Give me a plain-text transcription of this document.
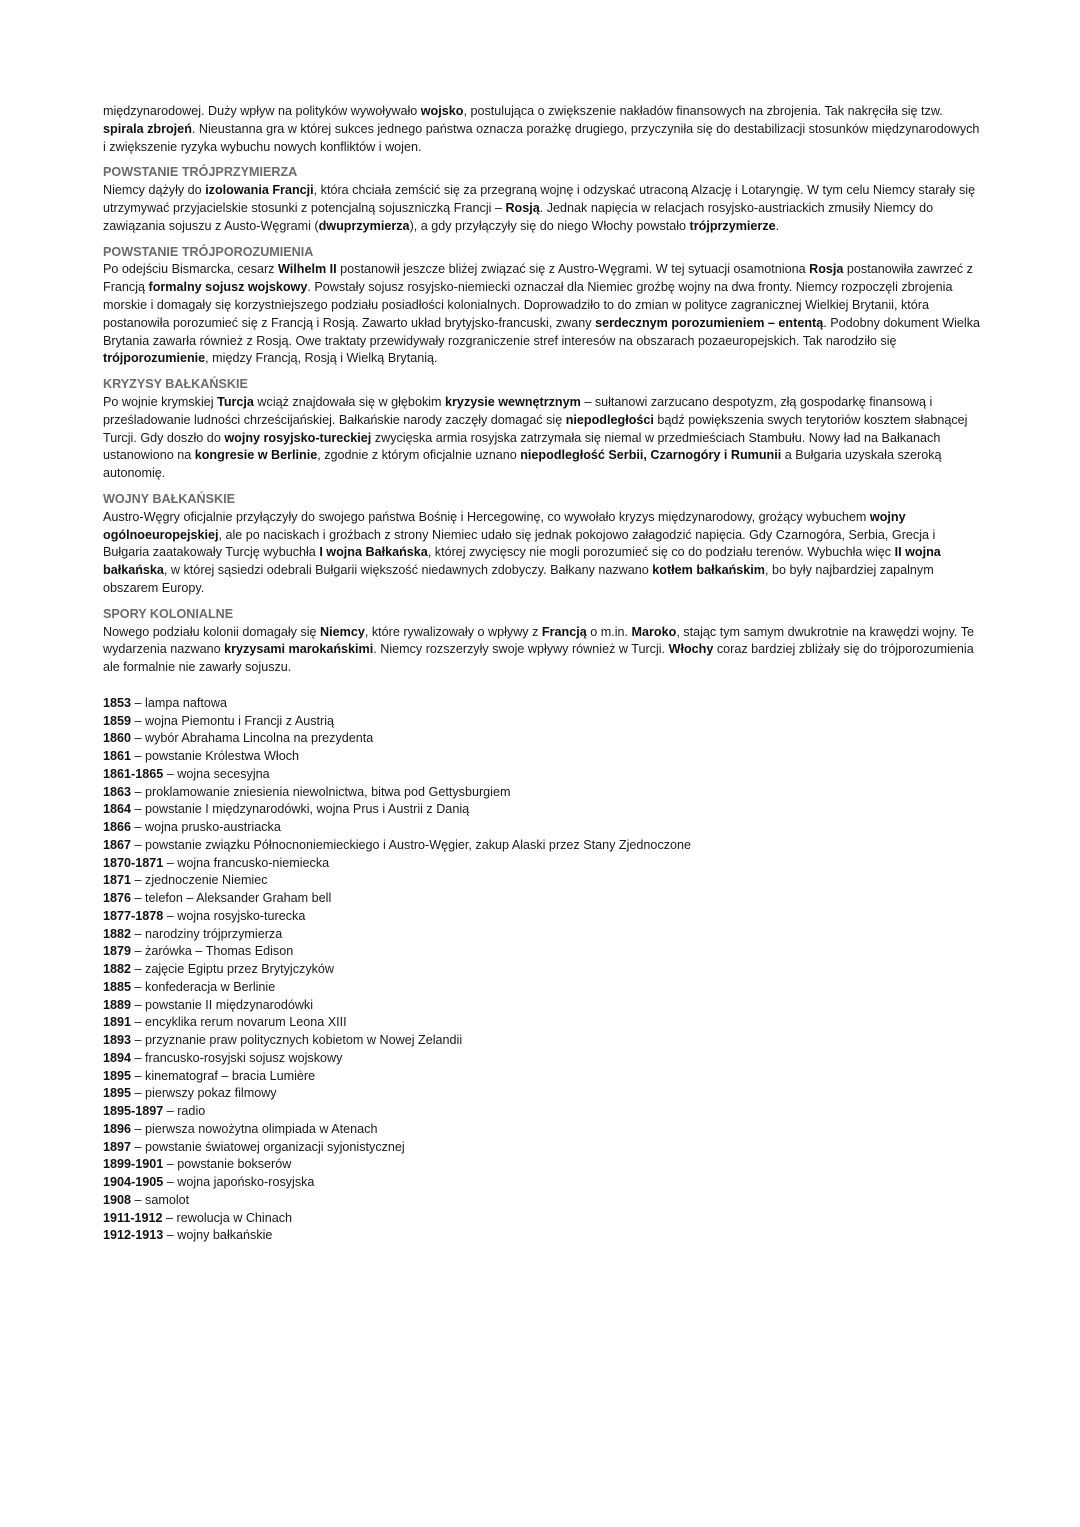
międzynarodowej. Duży wpływ na polityków wywoływało wojsko, postulująca o zwiększenie nakładów finansowych na zbrojenia. Tak nakręciła się tzw. spirala zbrojeń. Nieustanna gra w której sukces jednego państwa oznacza porażkę drugiego, przyczyniła się do destabilizacji stosunków międzynarodowych i zwiększenie ryzyka wybuchu nowych konfliktów i wojen.

POWSTANIE TRÓJPRZYMIERZA

Niemcy dążyły do izolowania Francji, która chciała zemścić się za przegraną wojnę i odzyskać utraconą Alzację i Lotaryngię. W tym celu Niemcy starały się utrzymywać przyjacielskie stosunki z potencjalną sojuszniczką Francji – Rosją. Jednak napięcia w relacjach rosyjsko-austriackich zmusiły Niemcy do zawiązania sojuszu z Austo-Węgrami (dwuprzymierza), a gdy przyłączyły się do niego Włochy powstało trójprzymierze.

POWSTANIE TRÓJPOROZUMIENIA

Po odejściu Bismarcka, cesarz Wilhelm II postanowił jeszcze bliżej związać się z Austro-Węgrami. W tej sytuacji osamotniona Rosja postanowiła zawrzeć z Francją formalny sojusz wojskowy. Powstały sojusz rosyjsko-niemiecki oznaczał dla Niemiec groźbę wojny na dwa fronty. Niemcy rozpoczęli zbrojenia morskie i domagały się korzystniejszego podziału posiadłości kolonialnych. Doprowadziło to do zmian w polityce zagranicznej Wielkiej Brytanii, która postanowiła porozumieć się z Francją i Rosją. Zawarto układ brytyjsko-francuski, zwany serdecznym porozumieniem – ententą. Podobny dokument Wielka Brytania zawarła również z Rosją. Owe traktaty przewidywały rozgraniczenie stref interesów na obszarach pozaeuropejskich. Tak narodziło się trójporozumienie, między Francją, Rosją i Wielką Brytanią.

KRYZYSY BAŁKAŃSKIE

Po wojnie krymskiej Turcja wciąż znajdowała się w głębokim kryzysie wewnętrznym – sułtanowi zarzucano despotyzm, złą gospodarkę finansową i prześladowanie ludności chrześcijańskiej. Bałkańskie narody zaczęły domagać się niepodległości bądź powiększenia swych terytoriów kosztem słabnącej Turcji. Gdy doszło do wojny rosyjsko-tureckiej zwycięska armia rosyjska zatrzymała się niemal w przedmieściach Stambułu. Nowy ład na Bałkanach ustanowiono na kongresie w Berlinie, zgodnie z którym oficjalnie uznano niepodległość Serbii, Czarnogóry i Rumunii a Bułgaria uzyskała szeroką autonomię.

WOJNY BAŁKAŃSKIE

Austro-Węgry oficjalnie przyłączyły do swojego państwa Bośnię i Hercegowinę, co wywołało kryzys międzynarodowy, grożący wybuchem wojny ogólnoeuropejskiej, ale po naciskach i groźbach z strony Niemiec udało się jednak pokojowo załagodzić napięcia. Gdy Czarnogóra, Serbia, Grecja i Bułgaria zaatakowały Turcję wybuchła I wojna Bałkańska, której zwycięscy nie mogli porozumieć się co do podziału terenów. Wybuchła więc II wojna bałkańska, w której sąsiedzi odebrali Bułgarii większość niedawnych zdobyczy. Bałkany nazwano kotłem bałkańskim, bo były najbardziej zapalnym obszarem Europy.

SPORY KOLONIALNE

Nowego podziału kolonii domagały się Niemcy, które rywalizowały o wpływy z Francją o m.in. Maroko, stając tym samym dwukrotnie na krawędzi wojny. Te wydarzenia nazwano kryzysami marokańskimi. Niemcy rozszerzyły swoje wpływy również w Turcji. Włochy coraz bardziej zbliżały się do trójporozumienia ale formalnie nie zawarły sojuszu.

1853 – lampa naftowa
1859 – wojna Piemontu i Francji z Austrią
1860 – wybór Abrahama Lincolna na prezydenta
1861 – powstanie Królestwa Włoch
1861-1865 – wojna secesyjna
1863 – proklamowanie zniesienia niewolnictwa, bitwa pod Gettysburgiem
1864 – powstanie I międzynarodówki, wojna Prus i Austrii z Danią
1866 – wojna prusko-austriacka
1867 – powstanie związku Północnoniemieckiego i Austro-Węgier, zakup Alaski przez Stany Zjednoczone
1870-1871 – wojna francusko-niemiecka
1871 – zjednoczenie Niemiec
1876 – telefon – Aleksander Graham bell
1877-1878 – wojna rosyjsko-turecka
1882 – narodziny trójprzymierza
1879 – żarówka – Thomas Edison
1882 – zajęcie Egiptu przez Brytyjczyków
1885 – konfederacja w Berlinie
1889 – powstanie II międzynarodówki
1891 – encyklika rerum novarum Leona XIII
1893 – przyznanie praw politycznych kobietom w Nowej Zelandii
1894 – francusko-rosyjski sojusz wojskowy
1895 – kinematograf – bracia Lumière
1895 – pierwszy pokaz filmowy
1895-1897 – radio
1896 – pierwsza nowożytna olimpiada w Atenach
1897 – powstanie światowej organizacji syjonistycznej
1899-1901 – powstanie bokserów
1904-1905 – wojna japońsko-rosyjska
1908 – samolot
1911-1912 – rewolucja w Chinach
1912-1913 – wojny bałkańskie
